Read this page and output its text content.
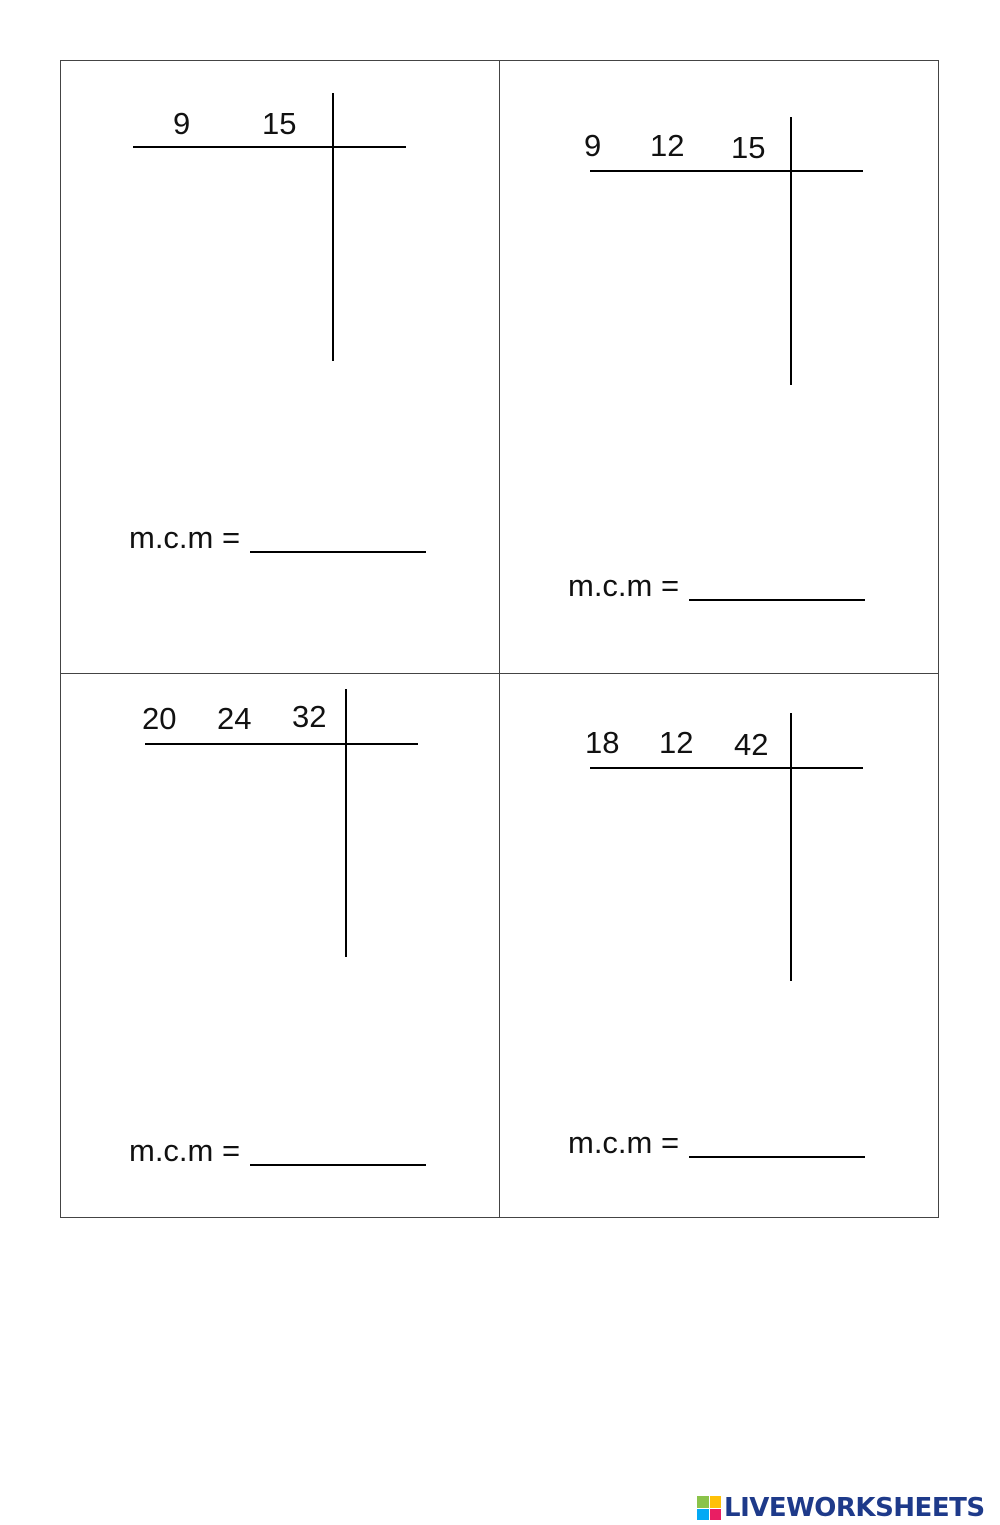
9 15
m.c.m =
9 12 15
m.c.m =
20 24 32
m.c.m =
18 12 42
m.c.m =
LIVEWORKSHEETS
